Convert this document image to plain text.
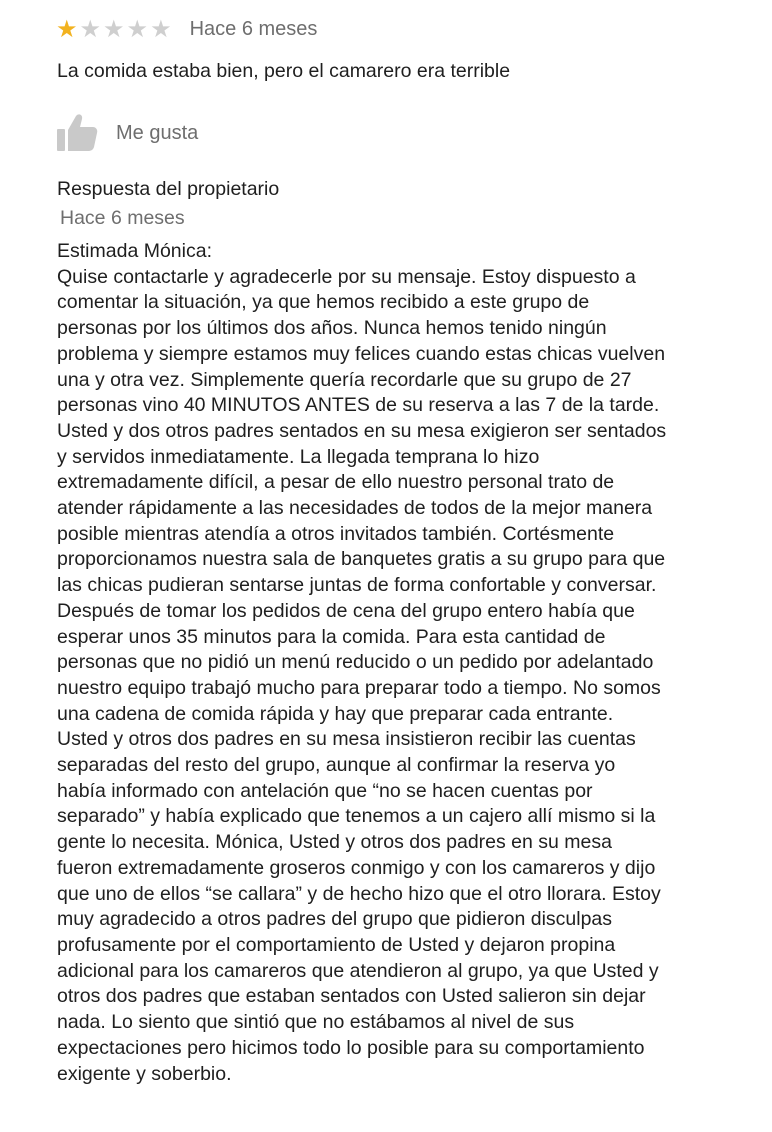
★ ★ ★ ★ ★ Hace 6 meses
La comida estaba bien, pero el camarero era terrible
Me gusta
Respuesta del propietario
Hace 6 meses
Estimada Mónica:
Quise contactarle y agradecerle por su mensaje. Estoy dispuesto a
comentar la situación, ya que hemos recibido a este grupo de
personas por los últimos dos años. Nunca hemos tenido ningún
problema y siempre estamos muy felices cuando estas chicas vuelven
una y otra vez. Simplemente quería recordarle que su grupo de 27
personas vino 40 MINUTOS ANTES de su reserva a las 7 de la tarde.
Usted y dos otros padres sentados en su mesa exigieron ser sentados
y servidos inmediatamente. La llegada temprana lo hizo
extremadamente difícil, a pesar de ello nuestro personal trato de
atender rápidamente a las necesidades de todos de la mejor manera
posible mientras atendía a otros invitados también. Cortésmente
proporcionamos nuestra sala de banquetes gratis a su grupo para que
las chicas pudieran sentarse juntas de forma confortable y conversar.
Después de tomar los pedidos de cena del grupo entero había que
esperar unos 35 minutos para la comida. Para esta cantidad de
personas que no pidió un menú reducido o un pedido por adelantado
nuestro equipo trabajó mucho para preparar todo a tiempo. No somos
una cadena de comida rápida y hay que preparar cada entrante.
Usted y otros dos padres en su mesa insistieron recibir las cuentas
separadas del resto del grupo, aunque al confirmar la reserva yo
había informado con antelación que “no se hacen cuentas por
separado” y había explicado que tenemos a un cajero allí mismo si la
gente lo necesita. Mónica, Usted y otros dos padres en su mesa
fueron extremadamente groseros conmigo y con los camareros y dijo
que uno de ellos “se callara” y de hecho hizo que el otro llorara. Estoy
muy agradecido a otros padres del grupo que pidieron disculpas
profusamente por el comportamiento de Usted y dejaron propina
adicional para los camareros que atendieron al grupo, ya que Usted y
otros dos padres que estaban sentados con Usted salieron sin dejar
nada. Lo siento que sintió que no estábamos al nivel de sus
expectaciones pero hicimos todo lo posible para su comportamiento
exigente y soberbio.
